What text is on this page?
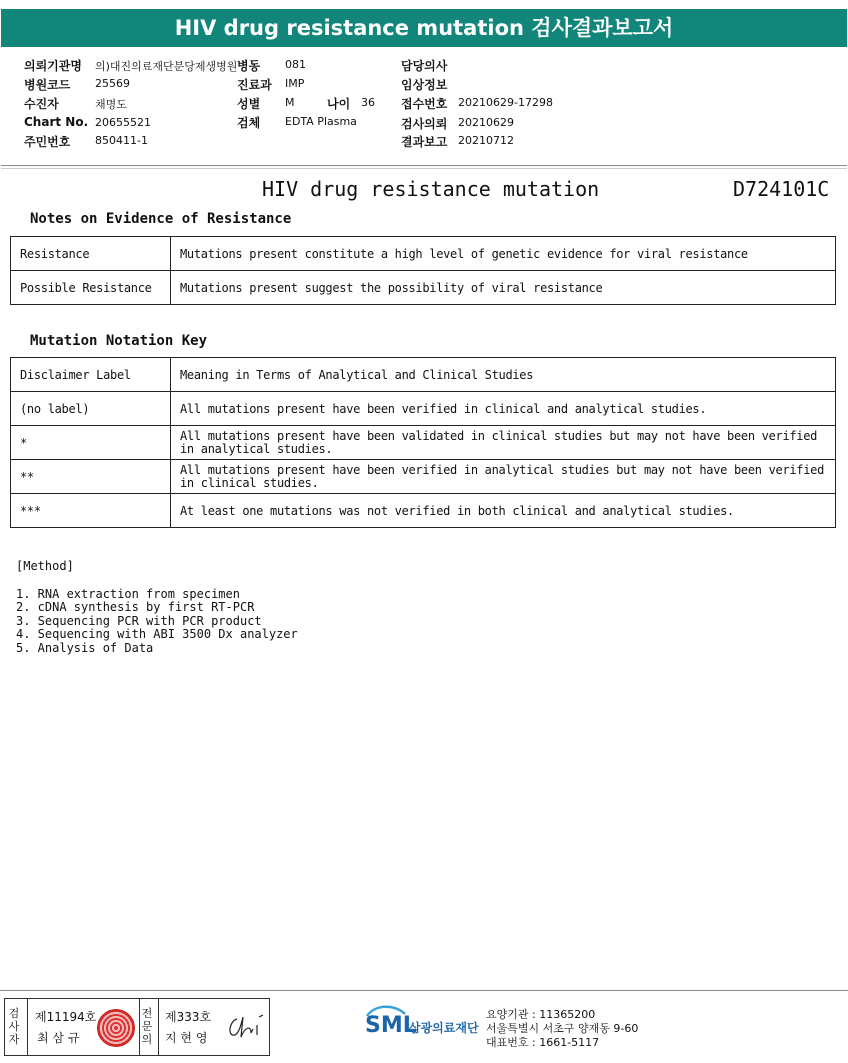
HIV drug resistance mutation 검사결과보고서
의뢰기관명 의)대진의료재단분당제생병원 병동 081	담당의사
병원코드 25569	진료과 IMP	임상정보
수진자	채명도	성별 M	나이 36 접수번호 20210629-17298
Chart No. 20655521	검체 EDTA Plasma	검사의뢰 20210629
주민번호 850411-1	결과보고 20210712
HIV drug resistance mutation	D724101C
Notes on Evidence of Resistance
Resistance	Mutations present constitute a high level of genetic evidence for viral resistance
Possible Resistance	Mutations present suggest the possibility of viral resistance
Mutation Notation Key
Disclaimer Label	Meaning in Terms of Analytical and Clinical Studies
(no label)	All mutations present have been verified in clinical and analytical studies.
*	All mutations present have been validated in clinical studies but may not have been verified in analytical studies.
**	All mutations present have been verified in analytical studies but may not have been verified in clinical studies.
***	At least one mutations was not verified in both clinical and analytical studies.
[Method]
1. RNA extraction from specimen
2. cDNA synthesis by first RT-PCR
3. Sequencing PCR with PCR product
4. Sequencing with ABI 3500 Dx analyzer
5. Analysis of Data
검사자
제11194호
최 삼 규
전문의
제333호
지 현 영	SML
삼광의료재단
요양기관 : 11365200
서울특별시 서초구 양재동 9-60
대표번호 : 1661-5117
